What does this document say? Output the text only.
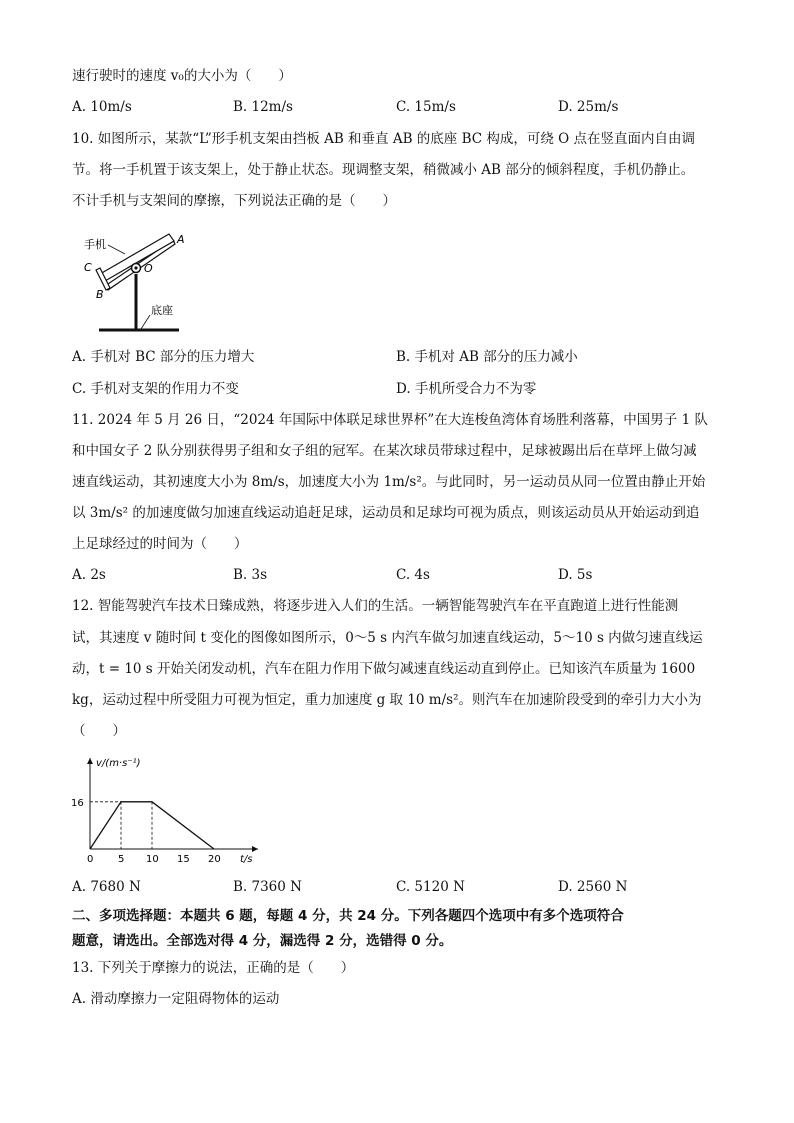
速行驶时的速度 v₀的大小为（　　）
A. 10m/s	B. 12m/s	C. 15m/s	D. 25m/s
10. 如图所示，某款“L”形手机支架由挡板 AB 和垂直 AB 的底座 BC 构成，可绕 O 点在竖直面内自由调
节。将一手机置于该支架上，处于静止状态。现调整支架，稍微减小 AB 部分的倾斜程度，手机仍静止。
不计手机与支架间的摩擦，下列说法正确的是（　　）
手机	A
C	O
B
底座
A. 手机对 BC 部分的压力增大	B. 手机对 AB 部分的压力减小
C. 手机对支架的作用力不变	D. 手机所受合力不为零
11. 2024 年 5 月 26 日，“2024 年国际中体联足球世界杯”在大连梭鱼湾体育场胜利落幕，中国男子 1 队
和中国女子 2 队分别获得男子组和女子组的冠军。在某次球员带球过程中，足球被踢出后在草坪上做匀减
速直线运动，其初速度大小为 8m/s，加速度大小为 1m/s²。与此同时，另一运动员从同一位置由静止开始
以 3m/s² 的加速度做匀加速直线运动追赶足球，运动员和足球均可视为质点，则该运动员从开始运动到追
上足球经过的时间为（　　）
A. 2s	B. 3s	C. 4s	D. 5s
12. 智能驾驶汽车技术日臻成熟，将逐步进入人们的生活。一辆智能驾驶汽车在平直跑道上进行性能测
试，其速度 v 随时间 t 变化的图像如图所示，0～5 s 内汽车做匀加速直线运动，5～10 s 内做匀速直线运
动，t = 10 s 开始关闭发动机，汽车在阻力作用下做匀减速直线运动直到停止。已知该汽车质量为 1600
kg，运动过程中所受阻力可视为恒定，重力加速度 g 取 10 m/s²。则汽车在加速阶段受到的牵引力大小为
（　　）
v/(m·s⁻¹)
t/s
0 5 10 15 20
16
A. 7680 N	B. 7360 N	C. 5120 N	D. 2560 N
二、多项选择题：本题共 6 题，每题 4 分，共 24 分。下列各题四个选项中有多个选项符合
题意，请选出。全部选对得 4 分，漏选得 2 分，选错得 0 分。
13. 下列关于摩擦力的说法，正确的是（　　）
A. 滑动摩擦力一定阻碍物体的运动
